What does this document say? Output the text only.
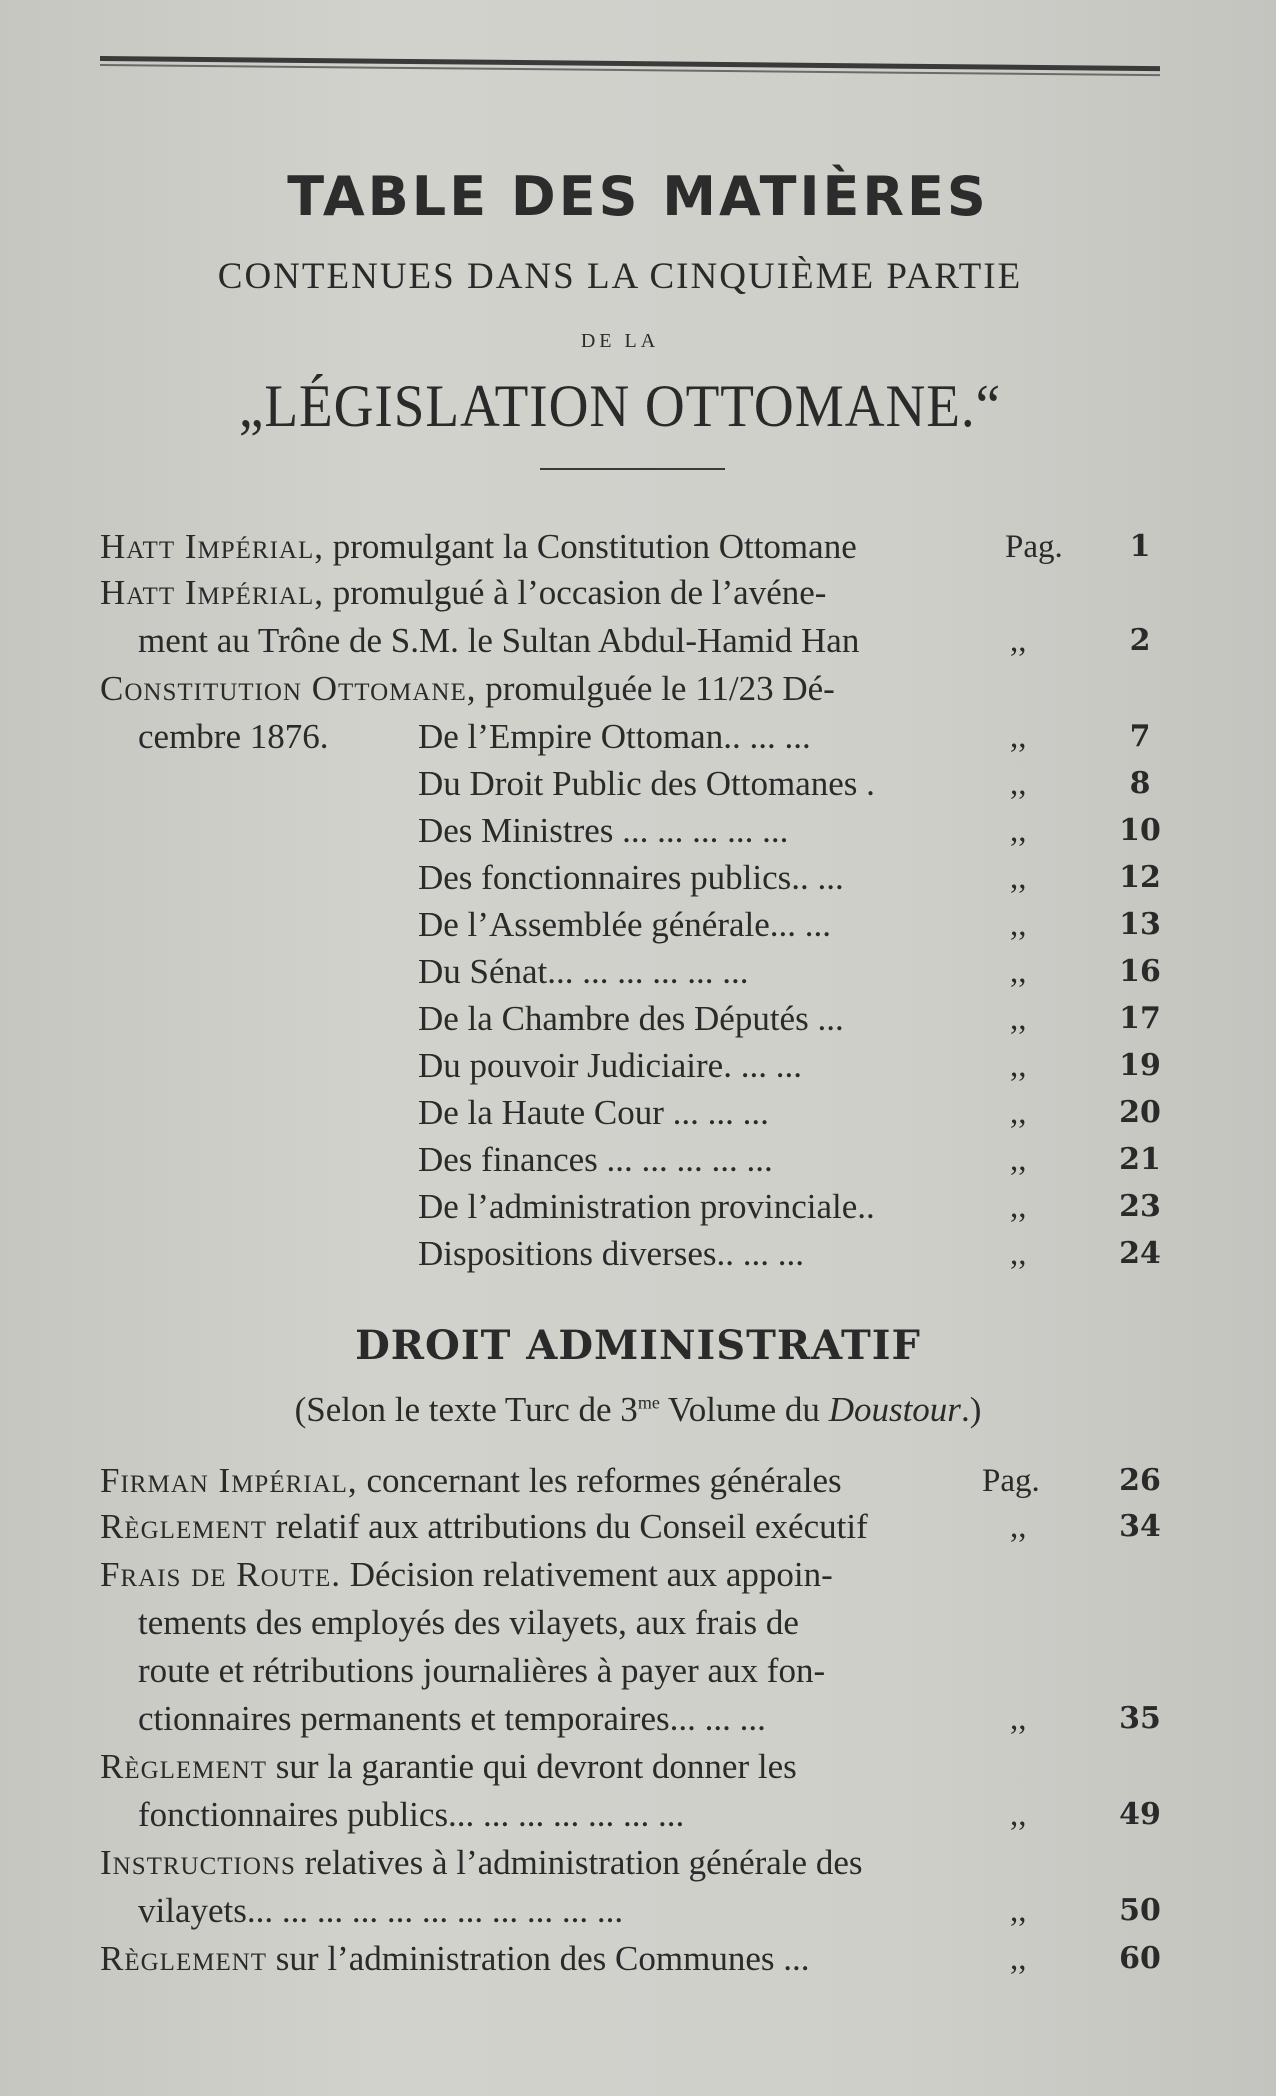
TABLE DES MATIÈRES
CONTENUES DANS LA CINQUIÈME PARTIE
DE LA
„LÉGISLATION OTTOMANE.“
Hatt Impérial, promulgant la Constitution Ottomane	Pag.	1
Hatt Impérial, promulgué à l’occasion de l’avéne-
ment au Trône de S.M. le Sultan Abdul-Hamid Han	,,	2
Constitution Ottomane, promulguée le 11/23 Dé-
cembre 1876.	De l’Empire Ottoman.. ... ...	,,	7
Du Droit Public des Ottomanes .	,,	8
Des Ministres ... ... ... ... ...	,,	10
Des fonctionnaires publics.. ...	,,	12
De l’Assemblée générale... ...	,,	13
Du Sénat... ... ... ... ... ...	,,	16
De la Chambre des Députés ...	,,	17
Du pouvoir Judiciaire. ... ...	,,	19
De la Haute Cour ... ... ...	,,	20
Des finances ... ... ... ... ...	,,	21
De l’administration provinciale..	,,	23
Dispositions diverses.. ... ...	,,	24
DROIT ADMINISTRATIF
(Selon le texte Turc de $3^{me}$ Volume du Doustour.)
Firman Impérial, concernant les reformes générales	Pag.	26
Règlement relatif aux attributions du Conseil exécutif	,,	34
Frais de Route. Décision relativement aux appoin-
tements des employés des vilayets, aux frais de
route et rétributions journalières à payer aux fon-
ctionnaires permanents et temporaires... ... ...	,,	35
Règlement sur la garantie qui devront donner les
fonctionnaires publics... ... ... ... ... ... ...	,,	49
Instructions relatives à l’administration générale des
vilayets... ... ... ... ... ... ... ... ... ... ...	,,	50
Règlement sur l’administration des Communes ...	,,	60
